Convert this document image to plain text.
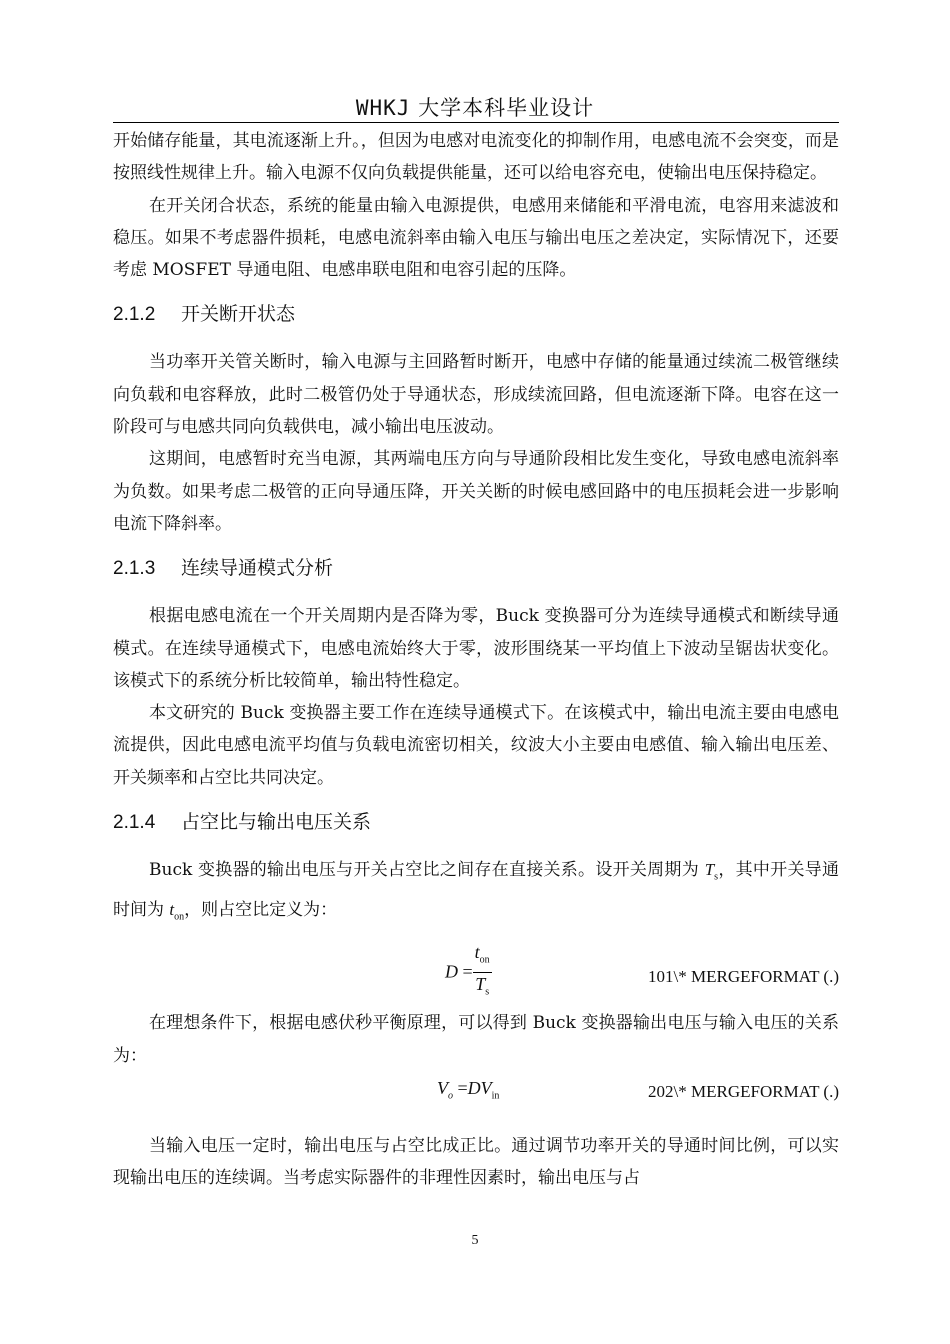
WHKJ 大学本科毕业设计

开始储存能量，其电流逐渐上升。，但因为电感对电流变化的抑制作用，电感电流不会突变，而是按照线性规律上升。输入电源不仅向负载提供能量，还可以给电容充电，使输出电压保持稳定。

在开关闭合状态，系统的能量由输入电源提供，电感用来储能和平滑电流，电容用来滤波和稳压。如果不考虑器件损耗，电感电流斜率由输入电压与输出电压之差决定，实际情况下，还要考虑 MOSFET 导通电阻、电感串联电阻和电容引起的压降。

2.1.2 开关断开状态

当功率开关管关断时，输入电源与主回路暂时断开，电感中存储的能量通过续流二极管继续向负载和电容释放，此时二极管仍处于导通状态，形成续流回路，但电流逐渐下降。电容在这一阶段可与电感共同向负载供电，减小输出电压波动。

这期间，电感暂时充当电源，其两端电压方向与导通阶段相比发生变化，导致电感电流斜率为负数。如果考虑二极管的正向导通压降，开关关断的时候电感回路中的电压损耗会进一步影响电流下降斜率。

2.1.3 连续导通模式分析

根据电感电流在一个开关周期内是否降为零，Buck 变换器可分为连续导通模式和断续导通模式。在连续导通模式下，电感电流始终大于零，波形围绕某一平均值上下波动呈锯齿状变化。该模式下的系统分析比较简单，输出特性稳定。

本文研究的 Buck 变换器主要工作在连续导通模式下。在该模式中，输出电流主要由电感电流提供，因此电感电流平均值与负载电流密切相关，纹波大小主要由电感值、输入输出电压差、开关频率和占空比共同决定。

2.1.4 占空比与输出电压关系

Buck 变换器的输出电压与开关占空比之间存在直接关系。设开关周期为 $T_s$，其中开关导通时间为 $t_{on}$，则占空比定义为：

$D = \frac{t_{on}}{T_s}$	101\* MERGEFORMAT (.)

在理想条件下，根据电感伏秒平衡原理，可以得到 Buck 变换器输出电压与输入电压的关系为：

$V_o =DV_{in}$	202\* MERGEFORMAT (.)

当输入电压一定时，输出电压与占空比成正比。通过调节功率开关的导通时间比例，可以实现输出电压的连续调。当考虑实际器件的非理性因素时，输出电压与占

5
